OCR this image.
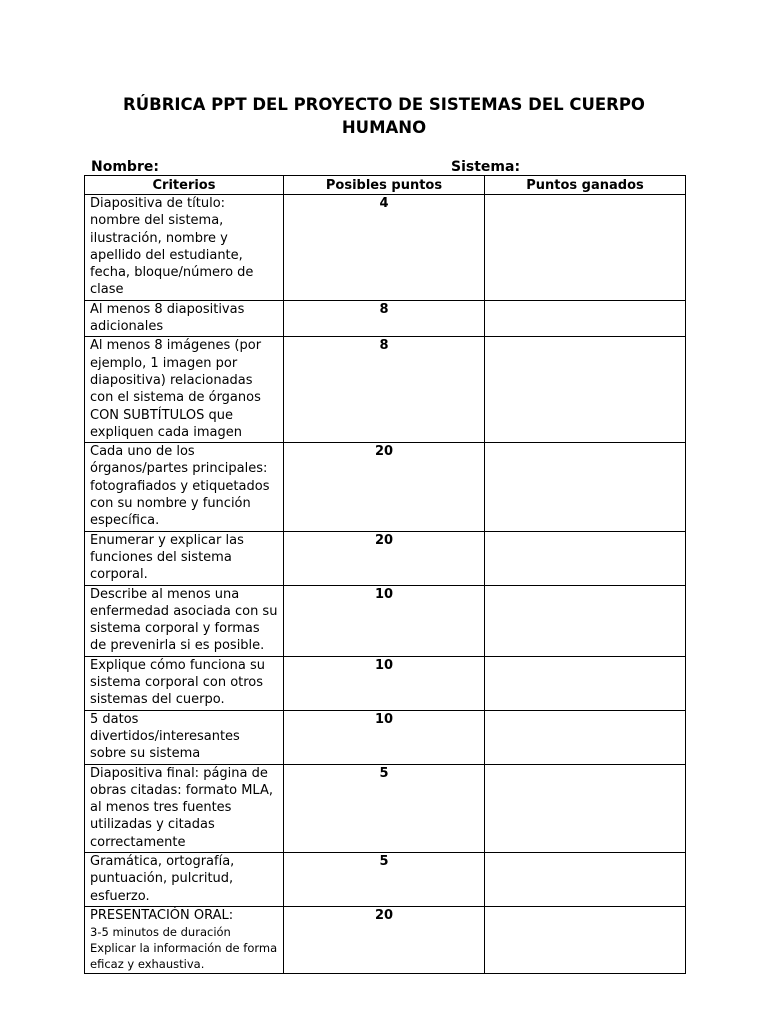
RÚBRICA PPT DEL PROYECTO DE SISTEMAS DEL CUERPO HUMANO
Nombre:	Sistema:
Criterios	Posibles puntos	Puntos ganados
Diapositiva de título: nombre del sistema, ilustración, nombre y apellido del estudiante, fecha, bloque/número de clase	4	
Al menos 8 diapositivas adicionales	8	
Al menos 8 imágenes (por ejemplo, 1 imagen por diapositiva) relacionadas con el sistema de órganos CON SUBTÍTULOS que expliquen cada imagen	8	
Cada uno de los órganos/partes principales: fotografiados y etiquetados con su nombre y función específica.	20	
Enumerar y explicar las funciones del sistema corporal.	20	
Describe al menos una enfermedad asociada con su sistema corporal y formas de prevenirla si es posible.	10	
Explique cómo funciona su sistema corporal con otros sistemas del cuerpo.	10	
5 datos divertidos/interesantes sobre su sistema	10	
Diapositiva final: página de obras citadas: formato MLA, al menos tres fuentes utilizadas y citadas correctamente	5	
Gramática, ortografía, puntuación, pulcritud, esfuerzo.	5	

PRESENTACIÓN ORAL:
3-5 minutos de duración
Explicar la información de forma eficaz y exhaustiva.	20	
